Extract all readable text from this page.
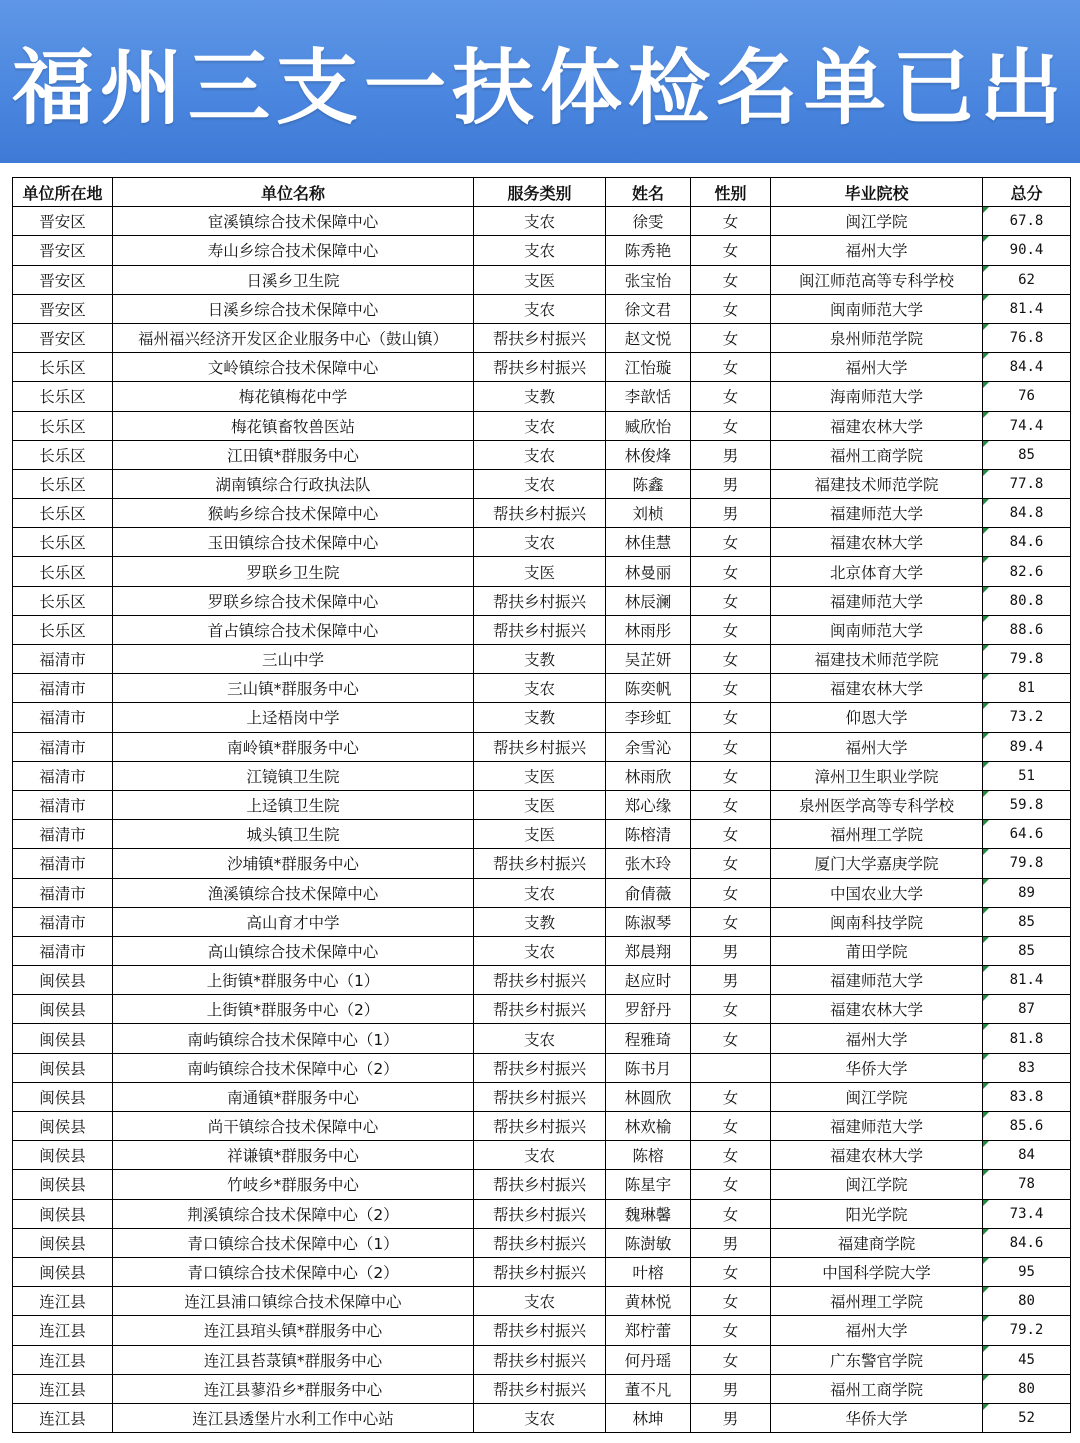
福州三支一扶体检名单已出
单位所在地	单位名称	服务类别	姓名	性别	毕业院校	总分
晋安区	宦溪镇综合技术保障中心	支农	徐雯	女	闽江学院	67.8
晋安区	寿山乡综合技术保障中心	支农	陈秀艳	女	福州大学	90.4
晋安区	日溪乡卫生院	支医	张宝怡	女	闽江师范高等专科学校	62
晋安区	日溪乡综合技术保障中心	支农	徐文君	女	闽南师范大学	81.4
晋安区	福州福兴经济开发区企业服务中心（鼓山镇）	帮扶乡村振兴	赵文悦	女	泉州师范学院	76.8
长乐区	文岭镇综合技术保障中心	帮扶乡村振兴	江怡璇	女	福州大学	84.4
长乐区	梅花镇梅花中学	支教	李歆恬	女	海南师范大学	76
长乐区	梅花镇畜牧兽医站	支农	臧欣怡	女	福建农林大学	74.4
长乐区	江田镇*群服务中心	支农	林俊烽	男	福州工商学院	85
长乐区	湖南镇综合行政执法队	支农	陈鑫	男	福建技术师范学院	77.8
长乐区	猴屿乡综合技术保障中心	帮扶乡村振兴	刘桢	男	福建师范大学	84.8
长乐区	玉田镇综合技术保障中心	支农	林佳慧	女	福建农林大学	84.6
长乐区	罗联乡卫生院	支医	林曼丽	女	北京体育大学	82.6
长乐区	罗联乡综合技术保障中心	帮扶乡村振兴	林辰澜	女	福建师范大学	80.8
长乐区	首占镇综合技术保障中心	帮扶乡村振兴	林雨彤	女	闽南师范大学	88.6
福清市	三山中学	支教	吴芷妍	女	福建技术师范学院	79.8
福清市	三山镇*群服务中心	支农	陈奕帆	女	福建农林大学	81
福清市	上迳梧岗中学	支教	李珍虹	女	仰恩大学	73.2
福清市	南岭镇*群服务中心	帮扶乡村振兴	余雪沁	女	福州大学	89.4
福清市	江镜镇卫生院	支医	林雨欣	女	漳州卫生职业学院	51
福清市	上迳镇卫生院	支医	郑心缘	女	泉州医学高等专科学校	59.8
福清市	城头镇卫生院	支医	陈榕清	女	福州理工学院	64.6
福清市	沙埔镇*群服务中心	帮扶乡村振兴	张木玲	女	厦门大学嘉庚学院	79.8
福清市	渔溪镇综合技术保障中心	支农	俞倩薇	女	中国农业大学	89
福清市	高山育才中学	支教	陈淑琴	女	闽南科技学院	85
福清市	高山镇综合技术保障中心	支农	郑晨翔	男	莆田学院	85
闽侯县	上街镇*群服务中心（1）	帮扶乡村振兴	赵应时	男	福建师范大学	81.4
闽侯县	上街镇*群服务中心（2）	帮扶乡村振兴	罗舒丹	女	福建农林大学	87
闽侯县	南屿镇综合技术保障中心（1）	支农	程雅琦	女	福州大学	81.8
闽侯县	南屿镇综合技术保障中心（2）	帮扶乡村振兴	陈书月		华侨大学	83
闽侯县	南通镇*群服务中心	帮扶乡村振兴	林圆欣	女	闽江学院	83.8
闽侯县	尚干镇综合技术保障中心	帮扶乡村振兴	林欢榆	女	福建师范大学	85.6
闽侯县	祥谦镇*群服务中心	支农	陈榕	女	福建农林大学	84
闽侯县	竹岐乡*群服务中心	帮扶乡村振兴	陈星宇	女	闽江学院	78
闽侯县	荆溪镇综合技术保障中心（2）	帮扶乡村振兴	魏琳馨	女	阳光学院	73.4
闽侯县	青口镇综合技术保障中心（1）	帮扶乡村振兴	陈澍敏	男	福建商学院	84.6
闽侯县	青口镇综合技术保障中心（2）	帮扶乡村振兴	叶榕	女	中国科学院大学	95
连江县	连江县浦口镇综合技术保障中心	支农	黄林悦	女	福州理工学院	80
连江县	连江县琯头镇*群服务中心	帮扶乡村振兴	郑柠蕾	女	福州大学	79.2
连江县	连江县苔菉镇*群服务中心	帮扶乡村振兴	何丹瑶	女	广东警官学院	45
连江县	连江县蓼沿乡*群服务中心	帮扶乡村振兴	董不凡	男	福州工商学院	80
连江县	连江县透堡片水利工作中心站	支农	林坤	男	华侨大学	52
